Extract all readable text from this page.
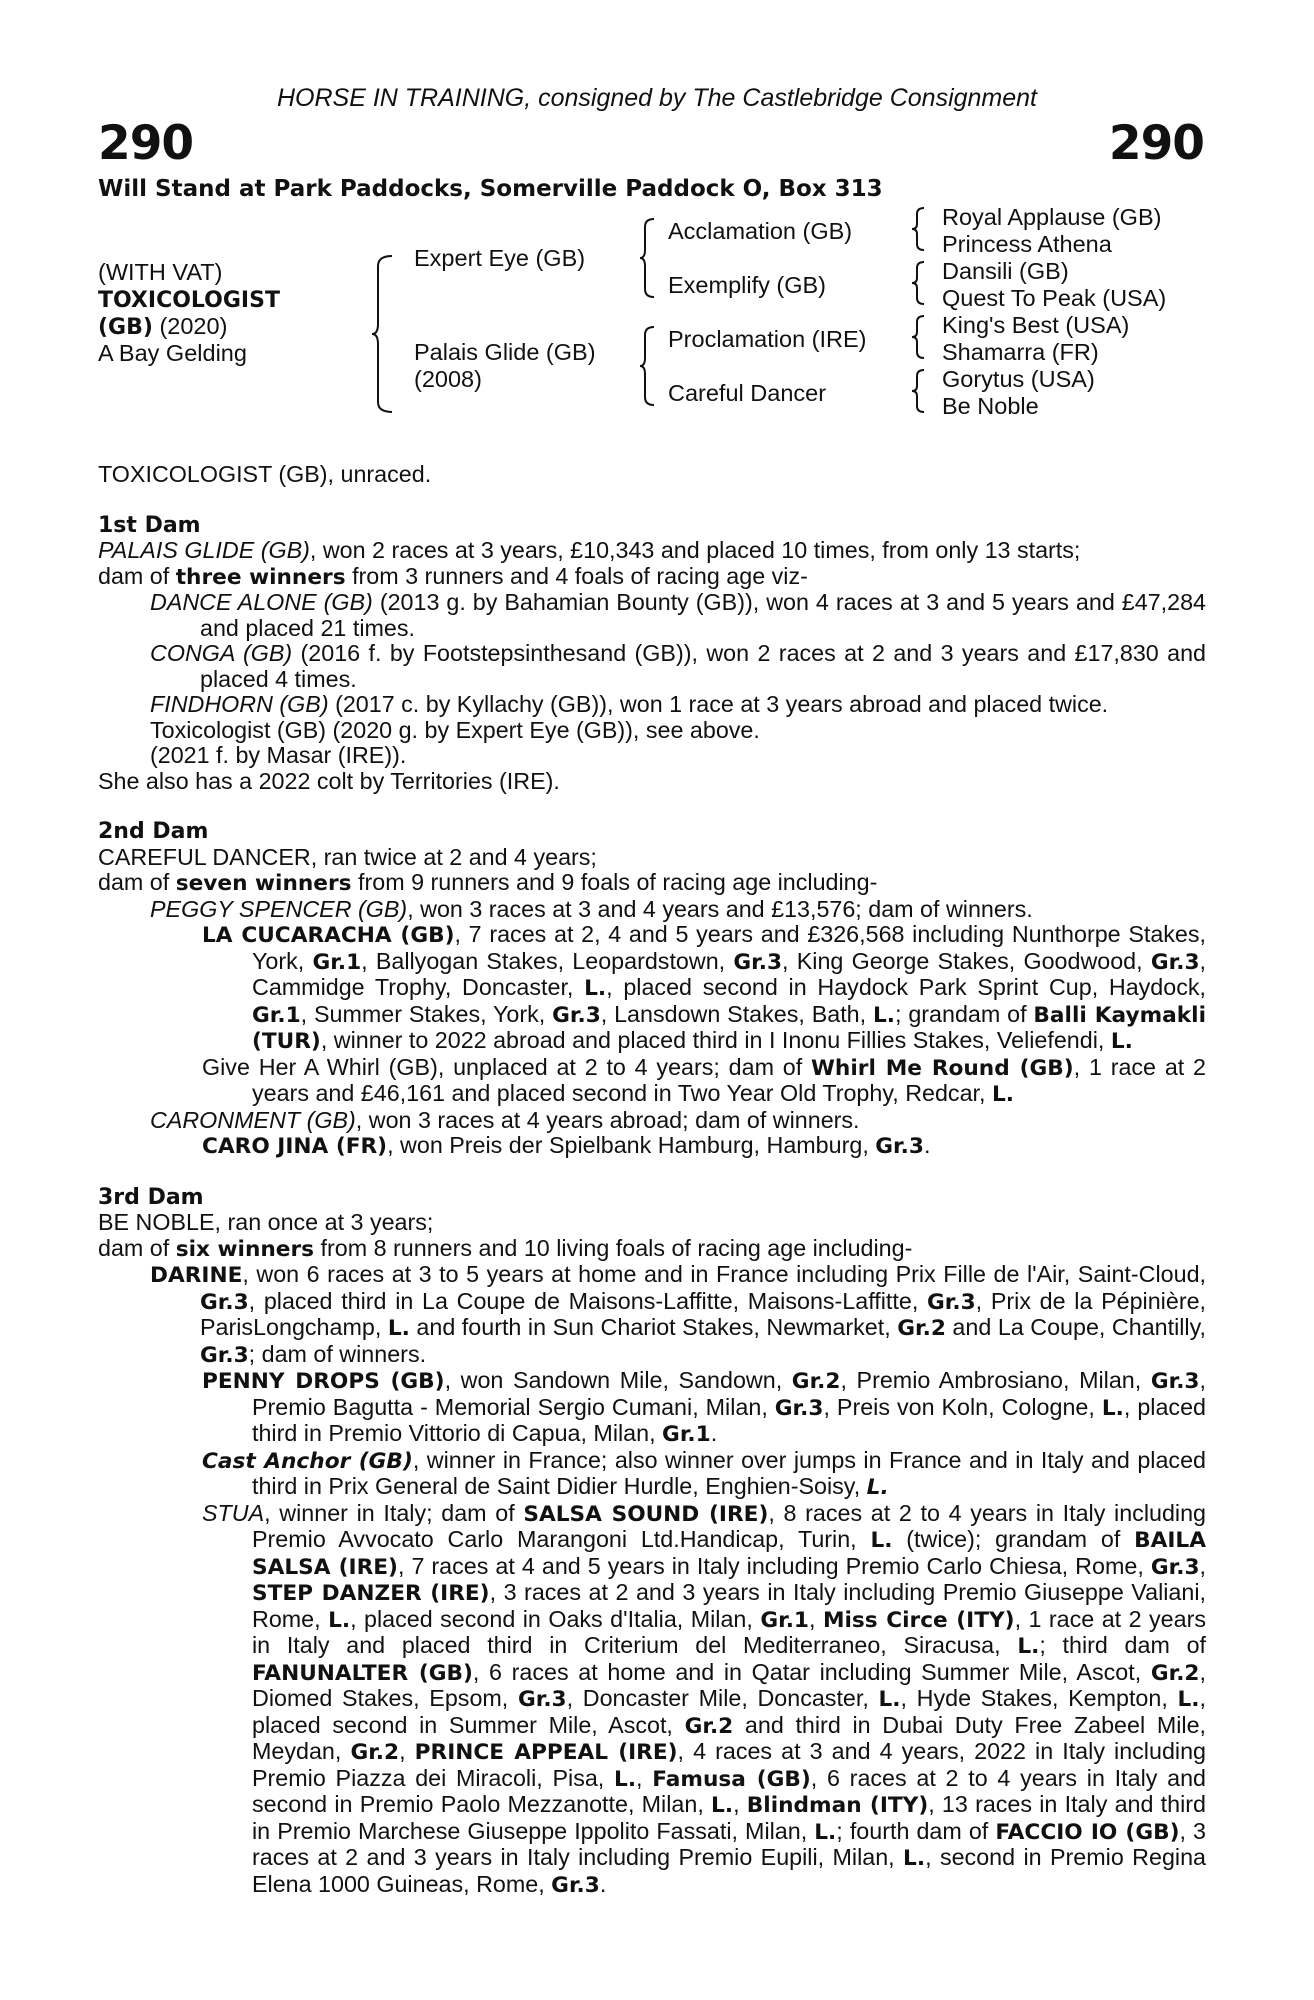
HORSE IN TRAINING, consigned by The Castlebridge Consignment
290	290
Will Stand at Park Paddocks, Somerville Paddock O, Box 313
(WITH VAT)
TOXICOLOGIST
(GB) (2020)
A Bay Gelding
Expert Eye (GB)
Palais Glide (GB)
(2008)
Acclamation (GB)
Exemplify (GB)
Proclamation (IRE)
Careful Dancer
Royal Applause (GB)
Princess Athena
Dansili (GB)
Quest To Peak (USA)
King's Best (USA)
Shamarra (FR)
Gorytus (USA)
Be Noble

TOXICOLOGIST (GB), unraced.

1st Dam

PALAIS GLIDE (GB), won 2 races at 3 years, £10,343 and placed 10 times, from only 13 starts;

dam of three winners from 3 runners and 4 foals of racing age viz-

DANCE ALONE (GB) (2013 g. by Bahamian Bounty (GB)), won 4 races at 3 and 5 years and £47,284 and placed 21 times.

CONGA (GB) (2016 f. by Footstepsinthesand (GB)), won 2 races at 2 and 3 years and £17,830 and placed 4 times.

FINDHORN (GB) (2017 c. by Kyllachy (GB)), won 1 race at 3 years abroad and placed twice.

Toxicologist (GB) (2020 g. by Expert Eye (GB)), see above.

(2021 f. by Masar (IRE)).

She also has a 2022 colt by Territories (IRE).

2nd Dam

CAREFUL DANCER, ran twice at 2 and 4 years;

dam of seven winners from 9 runners and 9 foals of racing age including-

PEGGY SPENCER (GB), won 3 races at 3 and 4 years and £13,576; dam of winners.

LA CUCARACHA (GB), 7 races at 2, 4 and 5 years and £326,568 including Nunthorpe Stakes, York, Gr.1, Ballyogan Stakes, Leopardstown, Gr.3, King George Stakes, Goodwood, Gr.3, Cammidge Trophy, Doncaster, L., placed second in Haydock Park Sprint Cup, Haydock, Gr.1, Summer Stakes, York, Gr.3, Lansdown Stakes, Bath, L.; grandam of Balli Kaymakli (TUR), winner to 2022 abroad and placed third in I Inonu Fillies Stakes, Veliefendi, L.

Give Her A Whirl (GB), unplaced at 2 to 4 years; dam of Whirl Me Round (GB), 1 race at 2 years and £46,161 and placed second in Two Year Old Trophy, Redcar, L.

CARONMENT (GB), won 3 races at 4 years abroad; dam of winners.

CARO JINA (FR), won Preis der Spielbank Hamburg, Hamburg, Gr.3.

3rd Dam

BE NOBLE, ran once at 3 years;

dam of six winners from 8 runners and 10 living foals of racing age including-

DARINE, won 6 races at 3 to 5 years at home and in France including Prix Fille de l'Air, Saint-Cloud, Gr.3, placed third in La Coupe de Maisons-Laffitte, Maisons-Laffitte, Gr.3, Prix de la Pépinière, ParisLongchamp, L. and fourth in Sun Chariot Stakes, Newmarket, Gr.2 and La Coupe, Chantilly, Gr.3; dam of winners.

PENNY DROPS (GB), won Sandown Mile, Sandown, Gr.2, Premio Ambrosiano, Milan, Gr.3, Premio Bagutta - Memorial Sergio Cumani, Milan, Gr.3, Preis von Koln, Cologne, L., placed third in Premio Vittorio di Capua, Milan, Gr.1.

Cast Anchor (GB), winner in France; also winner over jumps in France and in Italy and placed third in Prix General de Saint Didier Hurdle, Enghien-Soisy, L.

STUA, winner in Italy; dam of SALSA SOUND (IRE), 8 races at 2 to 4 years in Italy including Premio Avvocato Carlo Marangoni Ltd.Handicap, Turin, L. (twice); grandam of BAILA SALSA (IRE), 7 races at 4 and 5 years in Italy including Premio Carlo Chiesa, Rome, Gr.3, STEP DANZER (IRE), 3 races at 2 and 3 years in Italy including Premio Giuseppe Valiani, Rome, L., placed second in Oaks d'Italia, Milan, Gr.1, Miss Circe (ITY), 1 race at 2 years in Italy and placed third in Criterium del Mediterraneo, Siracusa, L.; third dam of FANUNALTER (GB), 6 races at home and in Qatar including Summer Mile, Ascot, Gr.2, Diomed Stakes, Epsom, Gr.3, Doncaster Mile, Doncaster, L., Hyde Stakes, Kempton, L., placed second in Summer Mile, Ascot, Gr.2 and third in Dubai Duty Free Zabeel Mile, Meydan, Gr.2, PRINCE APPEAL (IRE), 4 races at 3 and 4 years, 2022 in Italy including Premio Piazza dei Miracoli, Pisa, L., Famusa (GB), 6 races at 2 to 4 years in Italy and second in Premio Paolo Mezzanotte, Milan, L., Blindman (ITY), 13 races in Italy and third in Premio Marchese Giuseppe Ippolito Fassati, Milan, L.; fourth dam of FACCIO IO (GB), 3 races at 2 and 3 years in Italy including Premio Eupili, Milan, L., second in Premio Regina Elena 1000 Guineas, Rome, Gr.3.
